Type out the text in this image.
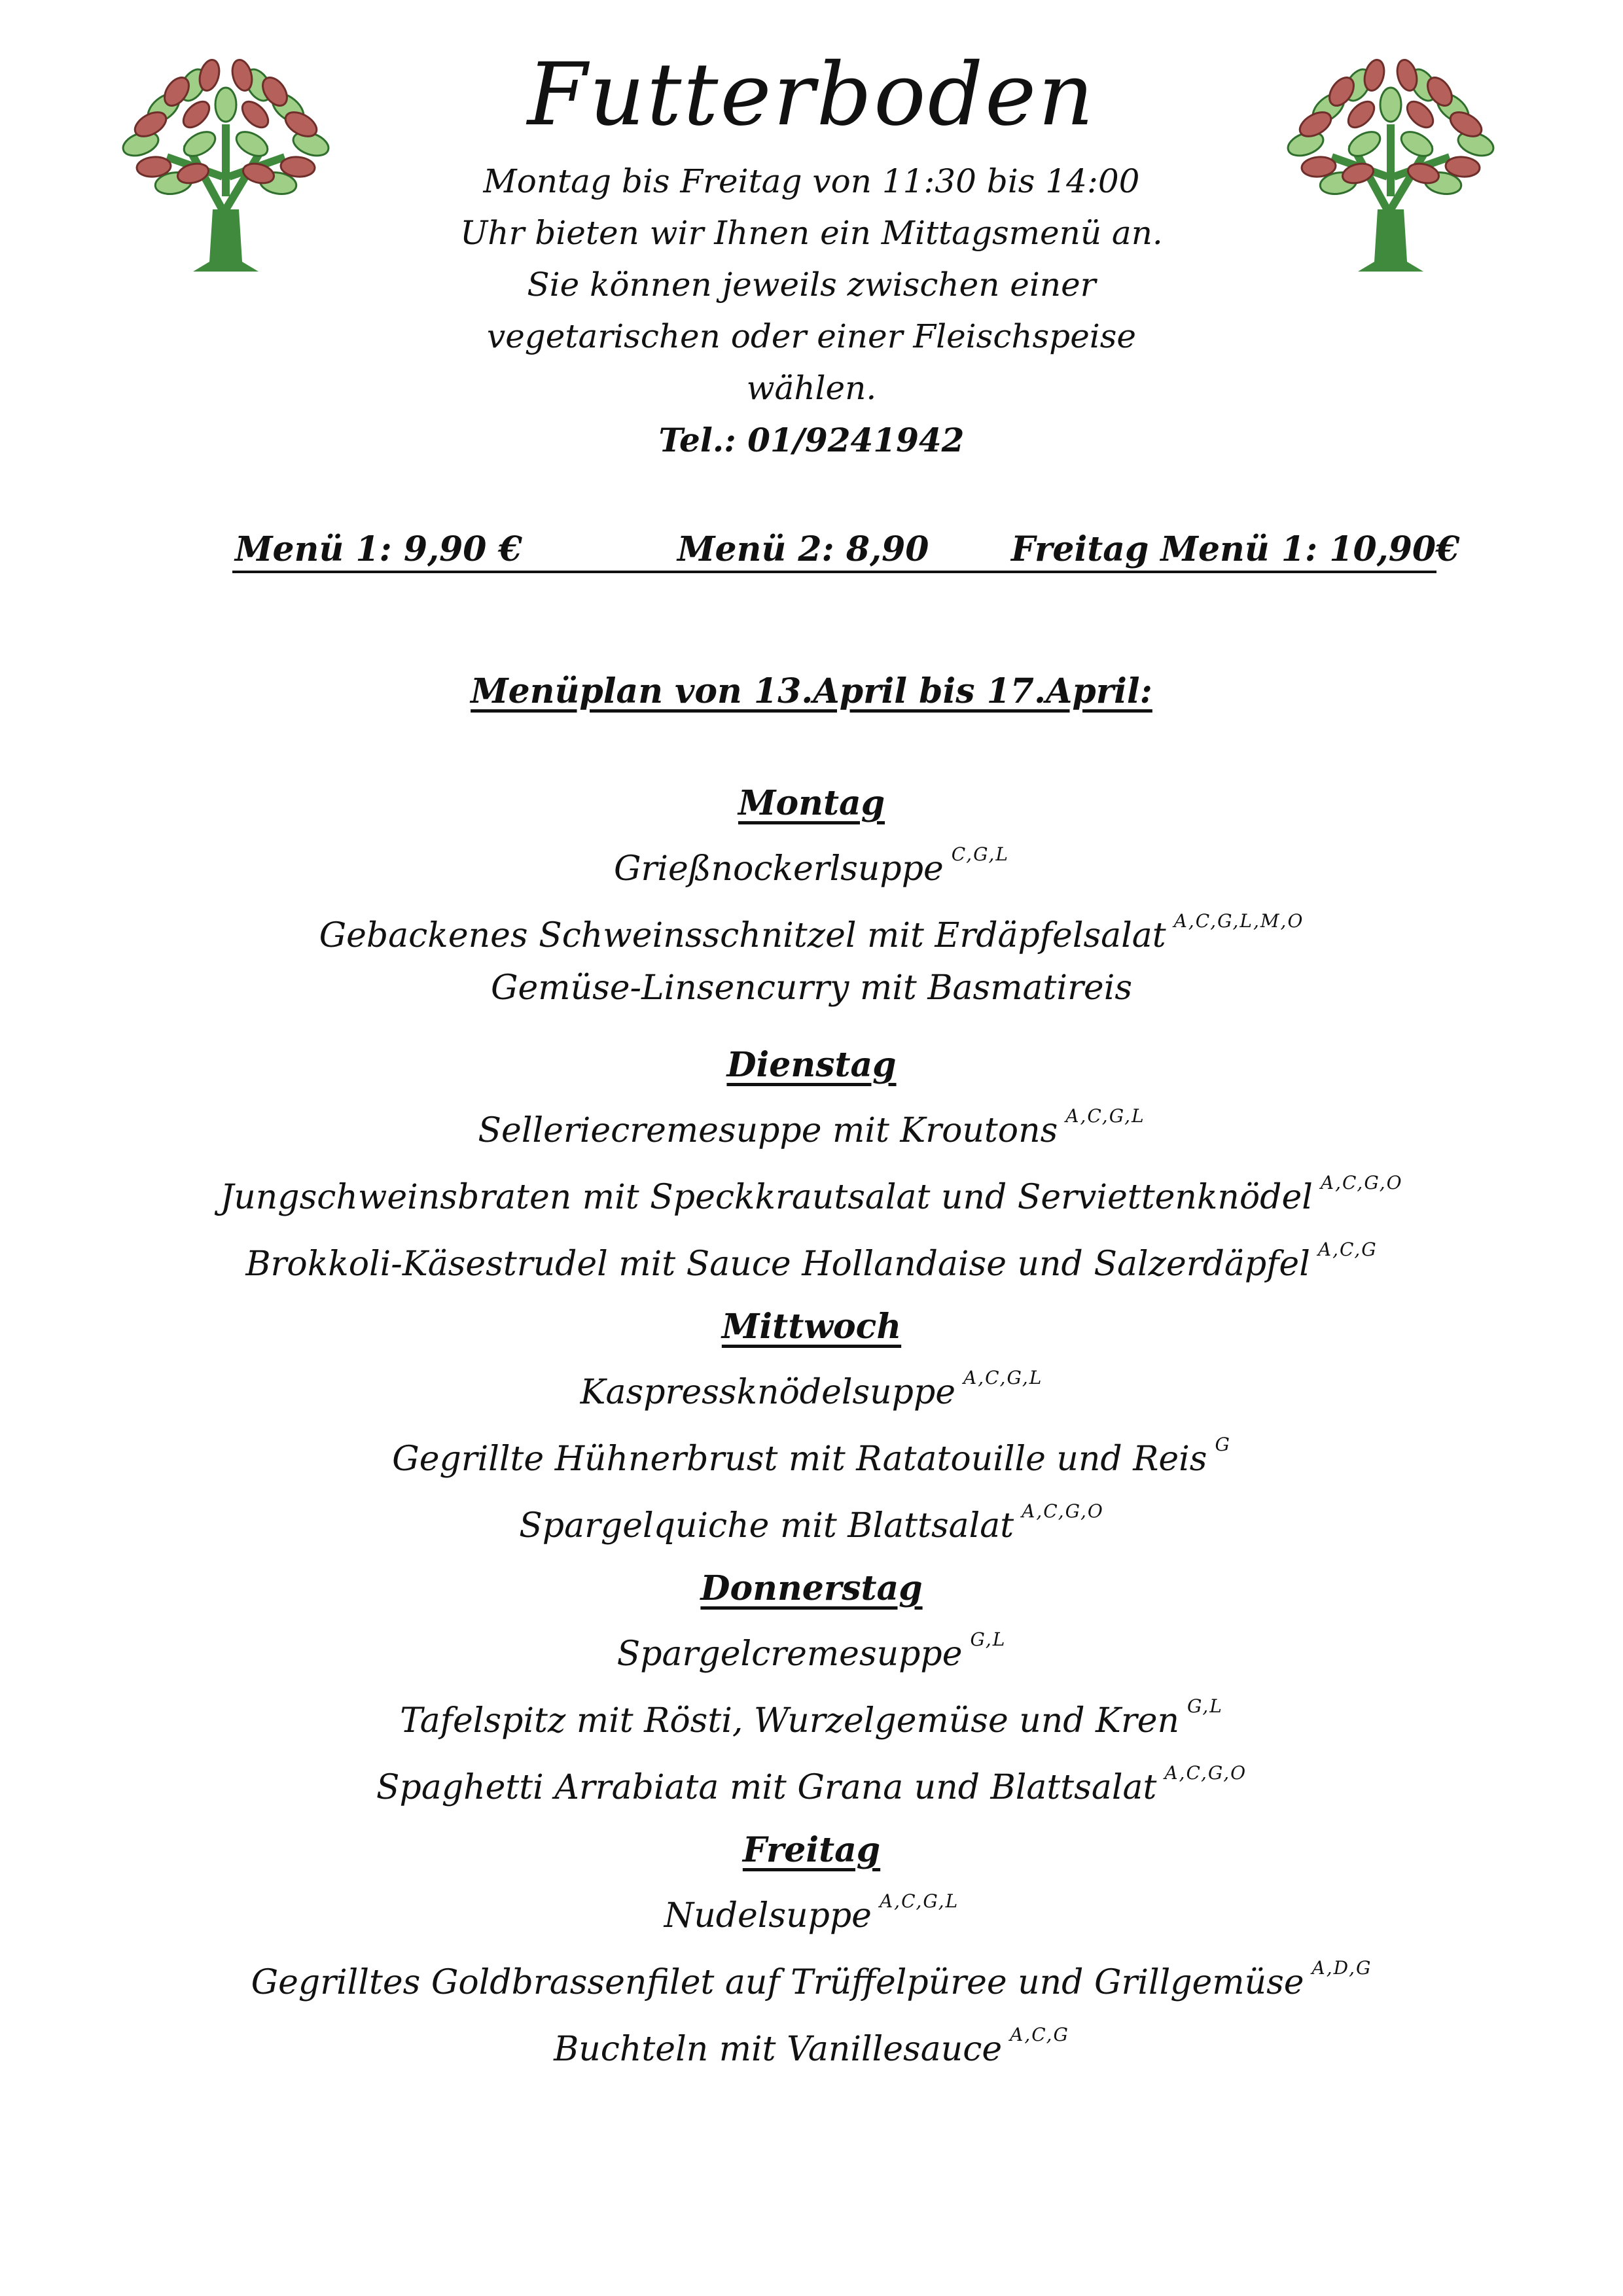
Futterboden
Montag bis Freitag von 11:30 bis 14:00
Uhr bieten wir Ihnen ein Mittagsmenü an.
Sie können jeweils zwischen einer
vegetarischen oder einer Fleischspeise
wählen.
Tel.: 01/9241942
Menü 1: 9,90 €	Menü 2: 8,90 Freitag Menü 1: 10,90€
Menüplan von 13.April bis 17.April:
Montag

Grießnockerlsuppe $^{C,G,L}$

Gebackenes Schweinsschnitzel mit Erdäpfelsalat $^{A,C,G,L,M,O}$

Gemüse-Linsencurry mit Basmatireis

Dienstag

Selleriecremesuppe mit Kroutons $^{A,C,G,L}$

Jungschweinsbraten mit Speckkrautsalat und Serviettenknödel $^{A,C,G,O}$

Brokkoli-Käsestrudel mit Sauce Hollandaise und Salzerdäpfel $^{A,C,G}$

Mittwoch

Kaspressknödelsuppe $^{A,C,G,L}$

Gegrillte Hühnerbrust mit Ratatouille und Reis $^G$

Spargelquiche mit Blattsalat $^{A,C,G,O}$

Donnerstag

Spargelcremesuppe $^{G,L}$

Tafelspitz mit Rösti, Wurzelgemüse und Kren $^{G,L}$

Spaghetti Arrabiata mit Grana und Blattsalat $^{A,C,G,O}$

Freitag

Nudelsuppe $^{A,C,G,L}$

Gegrilltes Goldbrassenfilet auf Trüffelpüree und Grillgemüse $^{A,D,G}$

Buchteln mit Vanillesauce $^{A,C,G}$
